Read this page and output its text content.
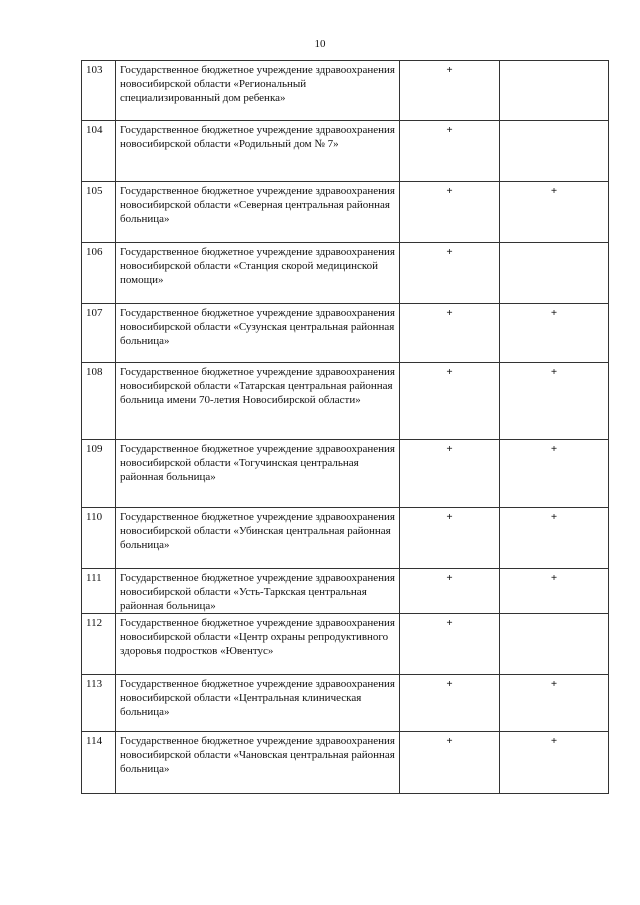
10
103	Государственное бюджетное учреждение здравоохранения новосибирской области «Региональный специализированный дом ребенка»	+	
104	Государственное бюджетное учреждение здравоохранения новосибирской области «Родильный дом № 7»	+	
105	Государственное бюджетное учреждение здравоохранения новосибирской области «Северная центральная районная больница»	+	+
106	Государственное бюджетное учреждение здравоохранения новосибирской области «Станция скорой медицинской помощи»	+	
107	Государственное бюджетное учреждение здравоохранения новосибирской области «Сузунская центральная районная больница»	+	+
108	Государственное бюджетное учреждение здравоохранения новосибирской области «Татарская центральная районная больница имени 70-летия Новосибирской области»	+	+
109	Государственное бюджетное учреждение здравоохранения новосибирской области «Тогучинская центральная районная больница»	+	+
110	Государственное бюджетное учреждение здравоохранения новосибирской области «Убинская центральная районная больница»	+	+
111	Государственное бюджетное учреждение здравоохранения новосибирской области «Усть-Таркская центральная районная больница»	+	+
112	Государственное бюджетное учреждение здравоохранения новосибирской области «Центр охраны репродуктивного здоровья подростков «Ювентус»	+	
113	Государственное бюджетное учреждение здравоохранения новосибирской области «Центральная клиническая больница»	+	+
114	Государственное бюджетное учреждение здравоохранения новосибирской области «Чановская центральная районная больница»	+	+
